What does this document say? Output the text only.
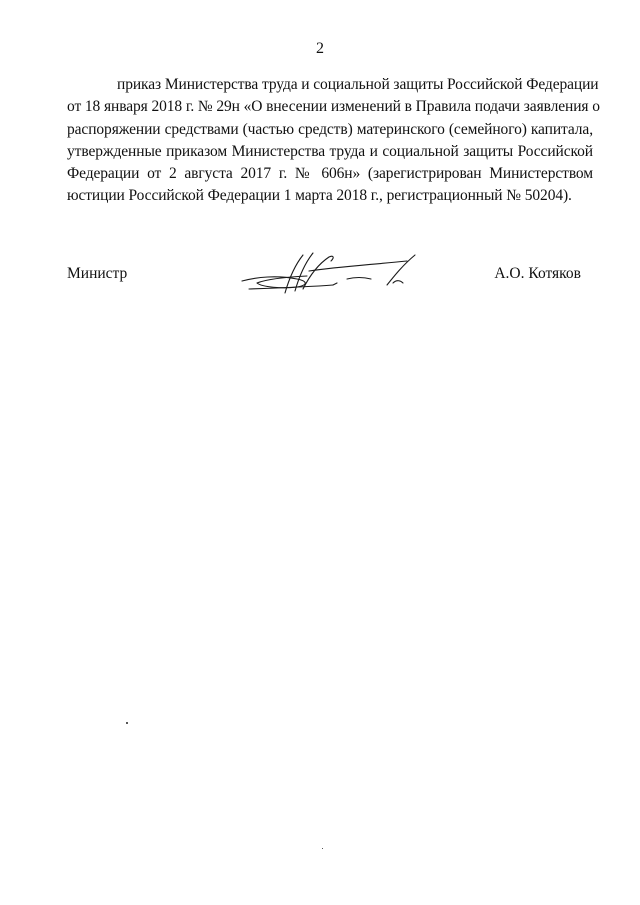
2
приказ Министерства труда и социальной защиты Российской Федерации
от 18 января 2018 г. № 29н «О внесении изменений в Правила подачи заявления о
распоряжении средствами (частью средств) материнского (семейного) капитала,
утвержденные приказом Министерства труда и социальной защиты Российской
Федерации от 2 августа 2017 г. № 606н» (зарегистрирован Министерством
юстиции Российской Федерации 1 марта 2018 г., регистрационный № 50204).
Министр	А.О. Котяков
